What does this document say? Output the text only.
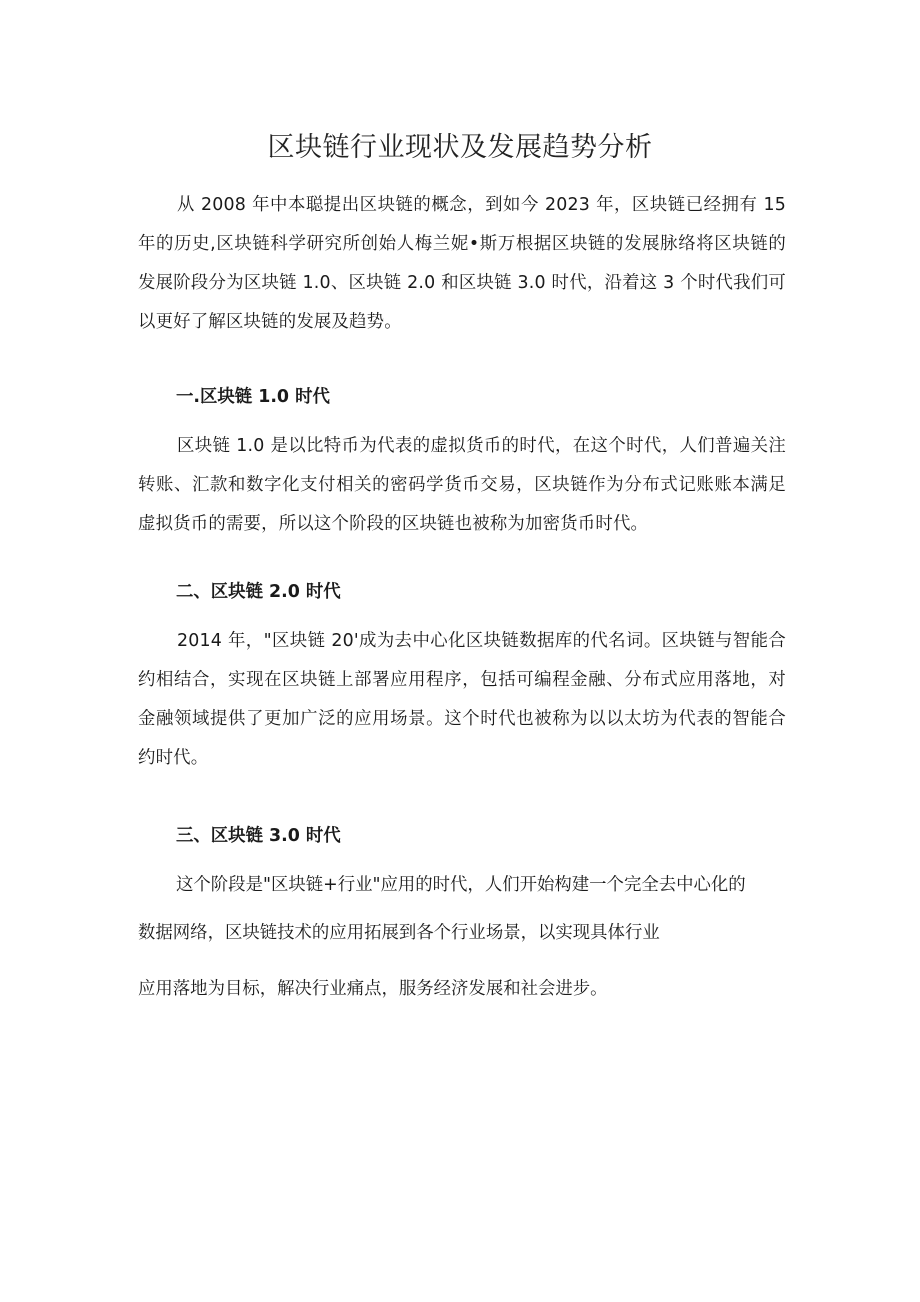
区块链行业现状及发展趋势分析

从 2008 年中本聪提出区块链的概念，到如今 2023 年，区块链已经拥有 15 年的历史,区块链科学研究所创始人梅兰妮•斯万根据区块链的发展脉络将区块链的发展阶段分为区块链 1.0、区块链 2.0 和区块链 3.0 时代，沿着这 3 个时代我们可以更好了解区块链的发展及趋势。

一.区块链 1.0 时代

区块链 1.0 是以比特币为代表的虚拟货币的时代，在这个时代，人们普遍关注转账、汇款和数字化支付相关的密码学货币交易，区块链作为分布式记账账本满足虚拟货币的需要，所以这个阶段的区块链也被称为加密货币时代。

二、区块链 2.0 时代

2014 年，"区块链 20'成为去中心化区块链数据库的代名词。区块链与智能合约相结合，实现在区块链上部署应用程序，包括可编程金融、分布式应用落地，对金融领域提供了更加广泛的应用场景。这个时代也被称为以以太坊为代表的智能合约时代。

三、区块链 3.0 时代
这个阶段是"区块链+行业"应用的时代，人们开始构建一个完全去中心化的
数据网络，区块链技术的应用拓展到各个行业场景，以实现具体行业
应用落地为目标，解决行业痛点，服务经济发展和社会进步。
